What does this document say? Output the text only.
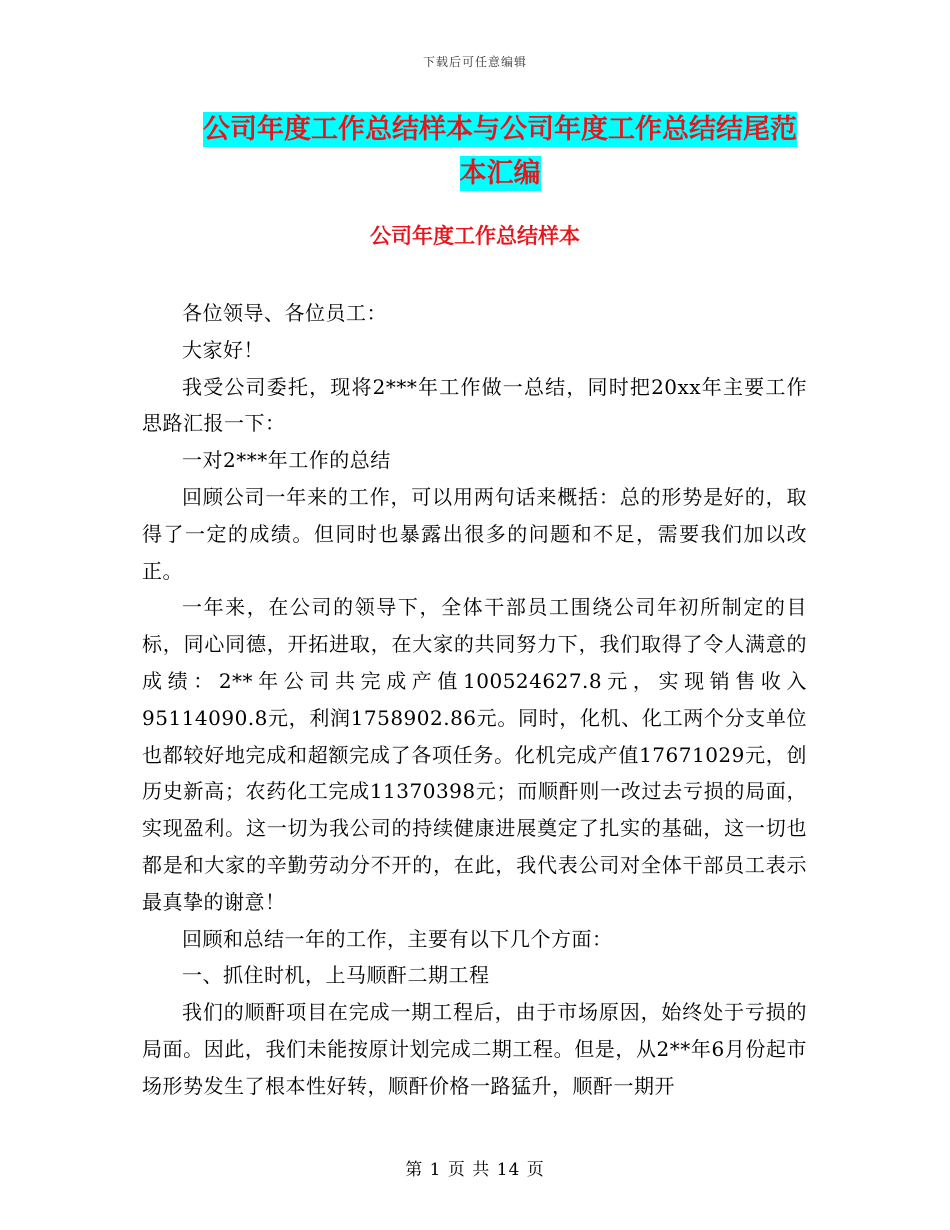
下载后可任意编辑
公司年度工作总结样本与公司年度工作总结结尾范本汇编
公司年度工作总结样本

各位领导、各位员工：

大家好！

我受公司委托，现将2***年工作做一总结，同时把20xx年主要工作思路汇报一下：

一对2***年工作的总结

回顾公司一年来的工作，可以用两句话来概括：总的形势是好的，取得了一定的成绩。但同时也暴露出很多的问题和不足，需要我们加以改正。

一年来，在公司的领导下，全体干部员工围绕公司年初所制定的目标，同心同德，开拓进取，在大家的共同努力下，我们取得了令人满意的成绩：2**年公司共完成产值100524627.8元，实现销售收入95114090.8元，利润1758902.86元。同时，化机、化工两个分支单位也都较好地完成和超额完成了各项任务。化机完成产值17671029元，创历史新高；农药化工完成11370398元；而顺酐则一改过去亏损的局面，实现盈利。这一切为我公司的持续健康进展奠定了扎实的基础，这一切也都是和大家的辛勤劳动分不开的，在此，我代表公司对全体干部员工表示最真挚的谢意！

回顾和总结一年的工作，主要有以下几个方面：

一、抓住时机，上马顺酐二期工程

我们的顺酐项目在完成一期工程后，由于市场原因，始终处于亏损的局面。因此，我们未能按原计划完成二期工程。但是，从2**年6月份起市场形势发生了根本性好转，顺酐价格一路猛升，顺酐一期开

第 1 页 共 14 页
